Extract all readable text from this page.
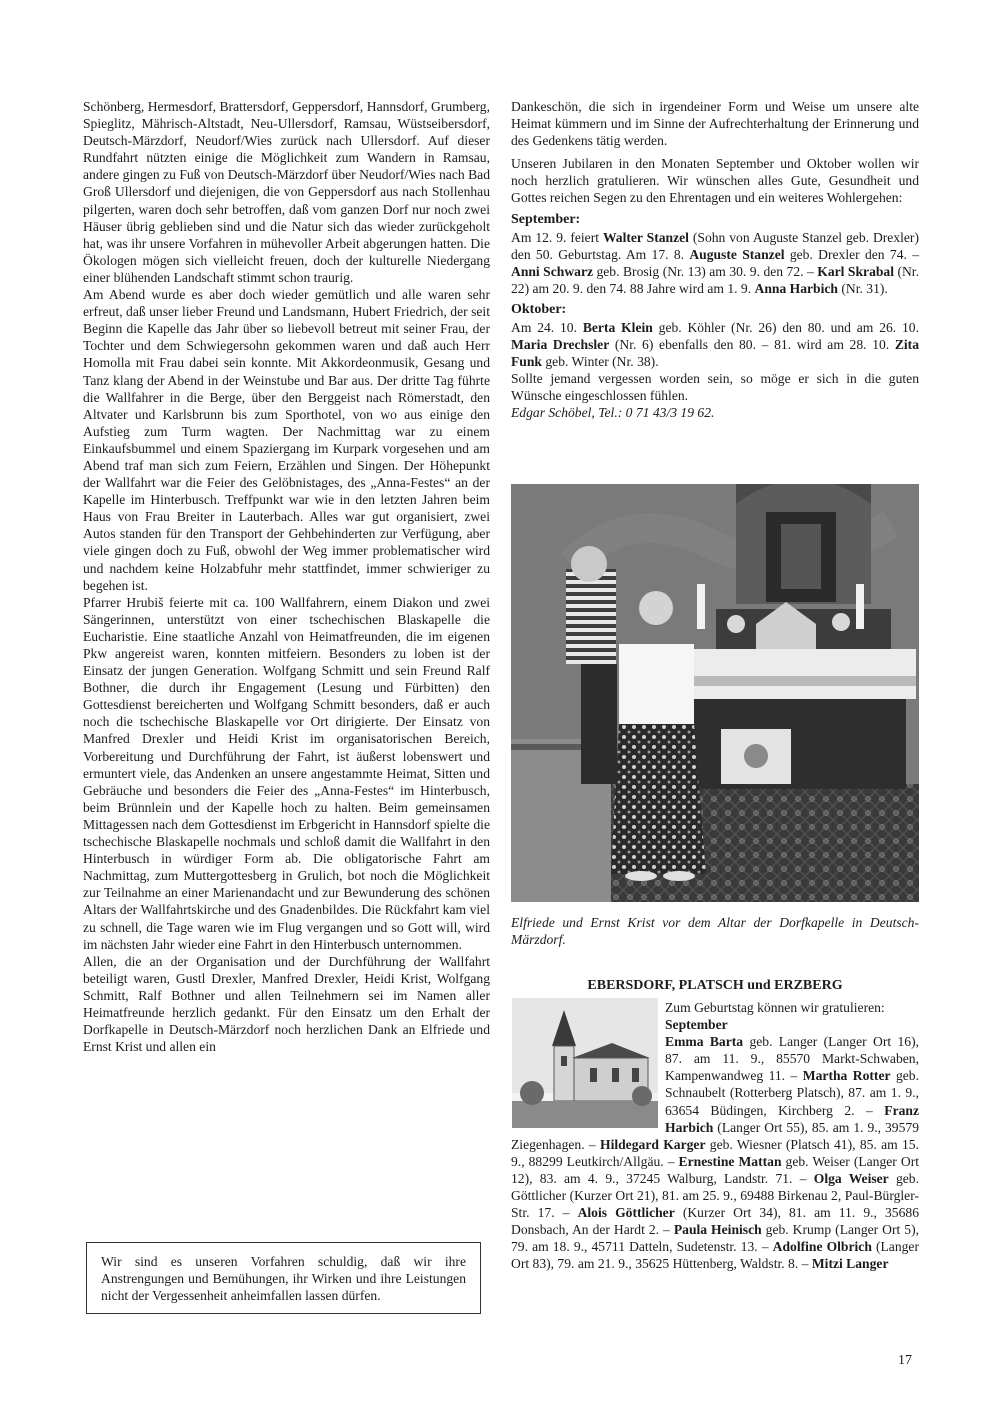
Schönberg, Hermesdorf, Brattersdorf, Geppersdorf, Hannsdorf, Grumberg, Spieglitz, Mährisch-Altstadt, Neu-Ullersdorf, Ramsau, Wüstseibersdorf, Deutsch-Märzdorf, Neudorf/Wies zurück nach Ullersdorf. Auf dieser Rundfahrt nützten einige die Möglichkeit zum Wandern in Ramsau, andere gingen zu Fuß von Deutsch-Märzdorf über Neudorf/Wies nach Bad Groß Ullersdorf und diejenigen, die von Geppersdorf aus nach Stollenhau pilgerten, waren doch sehr betroffen, daß vom ganzen Dorf nur noch zwei Häuser übrig geblieben sind und die Natur sich das wieder zurückgeholt hat, was ihr unsere Vorfahren in mühevoller Arbeit abgerungen hatten. Die Ökologen mögen sich vielleicht freuen, doch der kulturelle Niedergang einer blühenden Landschaft stimmt schon traurig.

Am Abend wurde es aber doch wieder gemütlich und alle waren sehr erfreut, daß unser lieber Freund und Landsmann, Hubert Friedrich, der seit Beginn die Kapelle das Jahr über so liebevoll betreut mit seiner Frau, der Tochter und dem Schwiegersohn gekommen waren und daß auch Herr Homolla mit Frau dabei sein konnte. Mit Akkordeonmusik, Gesang und Tanz klang der Abend in der Weinstube und Bar aus. Der dritte Tag führte die Wallfahrer in die Berge, über den Berggeist nach Römerstadt, den Altvater und Karlsbrunn bis zum Sporthotel, von wo aus einige den Aufstieg zum Turm wagten. Der Nachmittag war zu einem Einkaufsbummel und einem Spaziergang im Kurpark vorgesehen und am Abend traf man sich zum Feiern, Erzählen und Singen. Der Höhepunkt der Wallfahrt war die Feier des Gelöbnistages, des „Anna-Festes“ an der Kapelle im Hinterbusch. Treffpunkt war wie in den letzten Jahren beim Haus von Frau Breiter in Lauterbach. Alles war gut organisiert, zwei Autos standen für den Transport der Gehbehinderten zur Verfügung, aber viele gingen doch zu Fuß, obwohl der Weg immer problematischer wird und nachdem keine Holzabfuhr mehr stattfindet, immer schwieriger zu begehen ist.

Pfarrer Hrubiš feierte mit ca. 100 Wallfahrern, einem Diakon und zwei Sängerinnen, unterstützt von einer tschechischen Blaskapelle die Eucharistie. Eine staatliche Anzahl von Heimatfreunden, die im eigenen Pkw angereist waren, konnten mitfeiern. Besonders zu loben ist der Einsatz der jungen Generation. Wolfgang Schmitt und sein Freund Ralf Bothner, die durch ihr Engagement (Lesung und Fürbitten) den Gottesdienst bereicherten und Wolfgang Schmitt besonders, daß er auch noch die tschechische Blaskapelle vor Ort dirigierte. Der Einsatz von Manfred Drexler und Heidi Krist im organisatorischen Bereich, Vorbereitung und Durchführung der Fahrt, ist äußerst lobenswert und ermuntert viele, das Andenken an unsere angestammte Heimat, Sitten und Gebräuche und besonders die Feier des „Anna-Festes“ im Hinterbusch, beim Brünnlein und der Kapelle hoch zu halten. Beim gemeinsamen Mittagessen nach dem Gottesdienst im Erbgericht in Hannsdorf spielte die tschechische Blaskapelle nochmals und schloß damit die Wallfahrt in den Hinterbusch in würdiger Form ab. Die obligatorische Fahrt am Nachmittag, zum Muttergottesberg in Grulich, bot noch die Möglichkeit zur Teilnahme an einer Marienandacht und zur Bewunderung des schönen Altars der Wallfahrtskirche und des Gnadenbildes. Die Rückfahrt kam viel zu schnell, die Tage waren wie im Flug vergangen und so Gott will, wird im nächsten Jahr wieder eine Fahrt in den Hinterbusch unternommen.

Allen, die an der Organisation und der Durchführung der Wallfahrt beteiligt waren, Gustl Drexler, Manfred Drexler, Heidi Krist, Wolfgang Schmitt, Ralf Bothner und allen Teilnehmern sei im Namen aller Heimatfreunde herzlich gedankt. Für den Einsatz um den Erhalt der Dorfkapelle in Deutsch-Märzdorf noch herzlichen Dank an Elfriede und Ernst Krist und allen ein

Wir sind es unseren Vorfahren schuldig, daß wir ihre Anstrengungen und Bemühungen, ihr Wirken und ihre Leistungen nicht der Vergessenheit anheimfallen lassen dürfen.

Dankeschön, die sich in irgendeiner Form und Weise um unsere alte Heimat kümmern und im Sinne der Aufrechterhaltung der Erinnerung und des Gedenkens tätig werden.

Unseren Jubilaren in den Monaten September und Oktober wollen wir noch herzlich gratulieren. Wir wünschen alles Gute, Gesundheit und Gottes reichen Segen zu den Ehrentagen und ein weiteres Wohlergehen:

September:

Am 12. 9. feiert Walter Stanzel (Sohn von Auguste Stanzel geb. Drexler) den 50. Geburtstag. Am 17. 8. Auguste Stanzel geb. Drexler den 74. – Anni Schwarz geb. Brosig (Nr. 13) am 30. 9. den 72. – Karl Skrabal (Nr. 22) am 20. 9. den 74. 88 Jahre wird am 1. 9. Anna Harbich (Nr. 31).

Oktober:

Am 24. 10. Berta Klein geb. Köhler (Nr. 26) den 80. und am 26. 10. Maria Drechsler (Nr. 6) ebenfalls den 80. – 81. wird am 28. 10. Zita Funk geb. Winter (Nr. 38).

Sollte jemand vergessen worden sein, so möge er sich in die guten Wünsche eingeschlossen fühlen.

Edgar Schöbel, Tel.: 0 71 43/3 19 62.

Elfriede und Ernst Krist vor dem Altar der Dorfkapelle in Deutsch-Märzdorf.
EBERSDORF, PLATSCH und ERZBERG
Zum Geburtstag können wir gratulieren:
September
Emma Barta geb. Langer (Langer Ort 16), 87. am 11. 9., 85570 Markt-Schwaben, Kampenwandweg 11. – Martha Rotter geb. Schnaubelt (Rotterberg Platsch), 87. am 1. 9., 63654 Büdingen, Kirchberg 2. – Franz Harbich (Langer Ort 55), 85. am 1. 9., 39579 Ziegenhagen. – Hildegard Karger geb. Wiesner (Platsch 41), 85. am 15. 9., 88299 Leutkirch/Allgäu. – Ernestine Mattan geb. Weiser (Langer Ort 12), 83. am 4. 9., 37245 Walburg, Landstr. 71. – Olga Weiser geb. Göttlicher (Kurzer Ort 21), 81. am 25. 9., 69488 Birkenau 2, Paul-Bürgler-Str. 17. – Alois Göttlicher (Kurzer Ort 34), 81. am 11. 9., 35686 Donsbach, An der Hardt 2. – Paula Heinisch geb. Krump (Langer Ort 5), 79. am 18. 9., 45711 Datteln, Sudetenstr. 13. – Adolfine Olbrich (Langer Ort 83), 79. am 21. 9., 35625 Hüttenberg, Waldstr. 8. – Mitzi Langer
17
